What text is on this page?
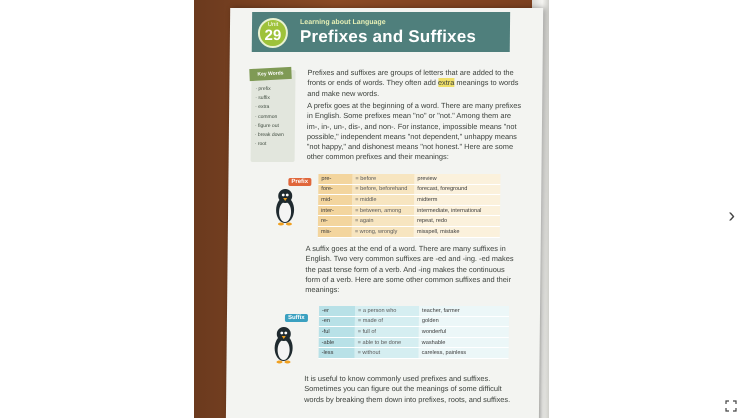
Unit
29
Learning about Language
Prefixes and Suffixes
Key Words
· prefix
· suffix
· extra
· common
· figure out
· break down
· root
Prefixes and suffixes are groups of letters that are added to the fronts or ends of words. They often add extra meanings to words and make new words.
A prefix goes at the beginning of a word. There are many prefixes in English. Some prefixes mean "no" or "not." Among them are im-, in-, un-, dis-, and non-. For instance, impossible means "not possible," independent means "not dependent," unhappy means "not happy," and dishonest means "not honest." Here are some other common prefixes and their meanings:
Prefix
pre-	= before	preview
fore-	= before, beforehand	forecast, foreground
mid-	= middle	midterm
inter-	= between, among	intermediate, international
re-	= again	repeat, redo
mis-	= wrong, wrongly	misspell, mistake
A suffix goes at the end of a word. There are many suffixes in English. Two very common suffixes are -ed and -ing. -ed makes the past tense form of a verb. And -ing makes the continuous form of a verb. Here are some other common suffixes and their meanings:
Suffix
-er	= a person who	teacher, farmer
-en	= made of	golden
-ful	= full of	wonderful
-able	= able to be done	washable
-less	= without	careless, painless
It is useful to know commonly used prefixes and suffixes. Sometimes you can figure out the meanings of some difficult words by breaking them down into prefixes, roots, and suffixes.
›
